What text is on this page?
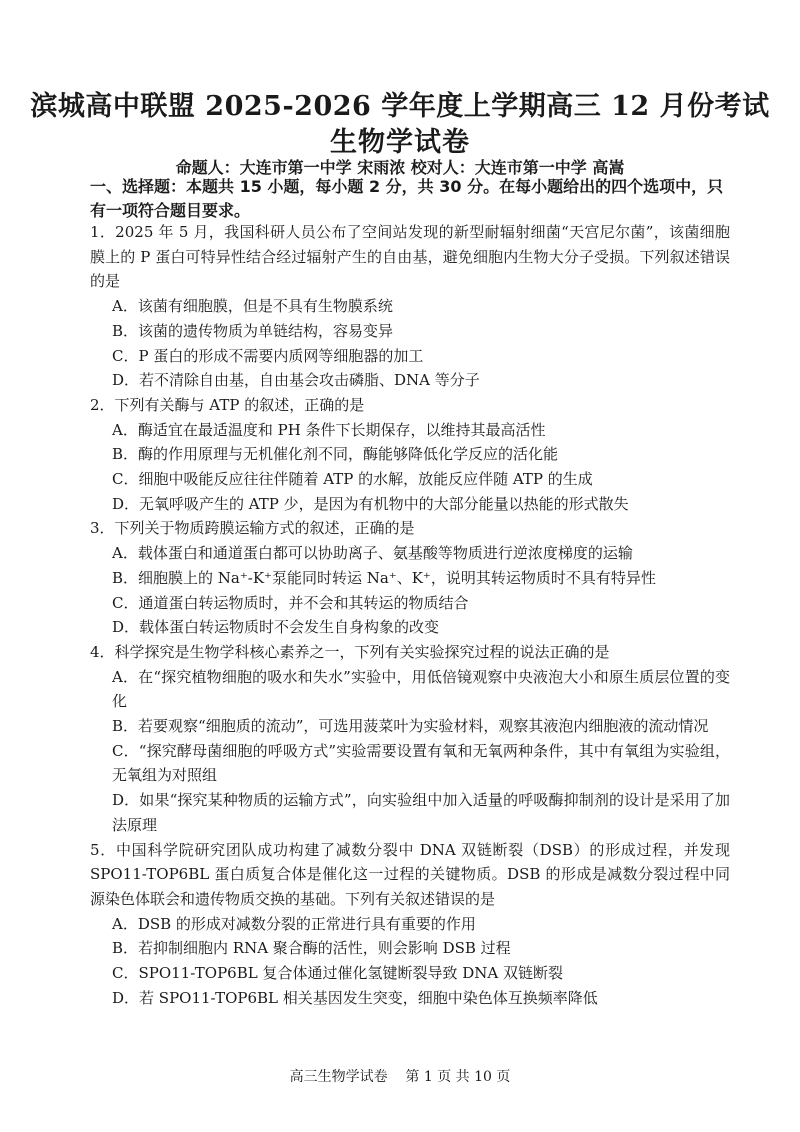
滨城高中联盟 2025-2026 学年度上学期高三 12 月份考试
生物学试卷
命题人：大连市第一中学 宋雨浓 校对人：大连市第一中学 高嵩
一、选择题：本题共 15 小题，每小题 2 分，共 30 分。在每小题给出的四个选项中，只
有一项符合题目要求。

1．2025 年 5 月，我国科研人员公布了空间站发现的新型耐辐射细菌“天宫尼尔菌”，该菌细胞膜上的 P 蛋白可特异性结合经过辐射产生的自由基，避免细胞内生物大分子受损。下列叙述错误的是

A．该菌有细胞膜，但是不具有生物膜系统

B．该菌的遗传物质为单链结构，容易变异

C．P 蛋白的形成不需要内质网等细胞器的加工

D．若不清除自由基，自由基会攻击磷脂、DNA 等分子

2．下列有关酶与 ATP 的叙述，正确的是

A．酶适宜在最适温度和 PH 条件下长期保存，以维持其最高活性

B．酶的作用原理与无机催化剂不同，酶能够降低化学反应的活化能

C．细胞中吸能反应往往伴随着 ATP 的水解，放能反应伴随 ATP 的生成

D．无氧呼吸产生的 ATP 少，是因为有机物中的大部分能量以热能的形式散失

3．下列关于物质跨膜运输方式的叙述，正确的是

A．载体蛋白和通道蛋白都可以协助离子、氨基酸等物质进行逆浓度梯度的运输

B．细胞膜上的 Na⁺-K⁺泵能同时转运 Na⁺、K⁺，说明其转运物质时不具有特异性

C．通道蛋白转运物质时，并不会和其转运的物质结合

D．载体蛋白转运物质时不会发生自身构象的改变

4．科学探究是生物学科核心素养之一，下列有关实验探究过程的说法正确的是

A．在“探究植物细胞的吸水和失水”实验中，用低倍镜观察中央液泡大小和原生质层位置的变化

B．若要观察“细胞质的流动”，可选用菠菜叶为实验材料，观察其液泡内细胞液的流动情况

C．“探究酵母菌细胞的呼吸方式”实验需要设置有氧和无氧两种条件，其中有氧组为实验组，无氧组为对照组

D．如果“探究某种物质的运输方式”，向实验组中加入适量的呼吸酶抑制剂的设计是采用了加法原理

5．中国科学院研究团队成功构建了减数分裂中 DNA 双链断裂（DSB）的形成过程，并发现 SPO11-TOP6BL 蛋白质复合体是催化这一过程的关键物质。DSB 的形成是减数分裂过程中同源染色体联会和遗传物质交换的基础。下列有关叙述错误的是

A．DSB 的形成对减数分裂的正常进行具有重要的作用

B．若抑制细胞内 RNA 聚合酶的活性，则会影响 DSB 过程

C．SPO11-TOP6BL 复合体通过催化氢键断裂导致 DNA 双链断裂

D．若 SPO11-TOP6BL 相关基因发生突变，细胞中染色体互换频率降低

高三生物学试卷    第 1 页 共 10 页
